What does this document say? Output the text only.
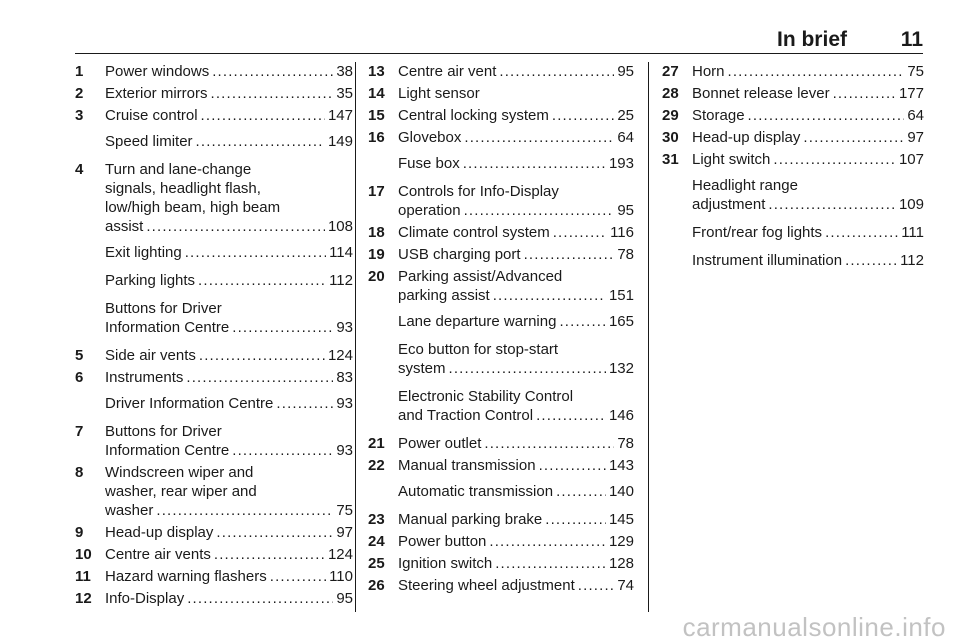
In brief	11
1	Power windows . . .	38
2	Exterior mirrors . . .	35
3	Cruise control . . .	147
Speed limiter . . .	149
4	Turn and lane-change
signals, headlight flash,
low/high beam, high beam
assist . . .	108
Exit lighting . . .	114
Parking lights . . .	112
Buttons for Driver
Information Centre . . .	93
5	Side air vents . . .	124
6	Instruments . . .	83
Driver Information Centre . . .	93
7	Buttons for Driver
Information Centre . . .	93
8	Windscreen wiper and
washer, rear wiper and
washer . . .	75
9	Head-up display . . .	97
10 Centre air vents . . .	124
11 Hazard warning flashers . . .	110
12 Info-Display . . .	95
13 Centre air vent . . .	95
14 Light sensor
15 Central locking system . . .	25
16 Glovebox . . .	64
Fuse box . . .	193
17 Controls for Info-Display
operation . . .	95
18 Climate control system . . .	116
19 USB charging port . . .	78
20 Parking assist/Advanced
parking assist . . .	151
Lane departure warning . . .	165
Eco button for stop-start
system . . .	132
Electronic Stability Control
and Traction Control . . .	146
21 Power outlet . . .	78
22 Manual transmission . . .	143
Automatic transmission . . .	140
23 Manual parking brake . . .	145
24 Power button . . .	129
25 Ignition switch . . .	128
26 Steering wheel adjustment . . .	74
27 Horn . . .	75
28 Bonnet release lever . . .	177
29 Storage . . .	64
30 Head-up display . . .	97
31 Light switch . . .	107
Headlight range
adjustment . . .	109
Front/rear fog lights . . .	111
Instrument illumination . . .	112
carmanualsonline.info
